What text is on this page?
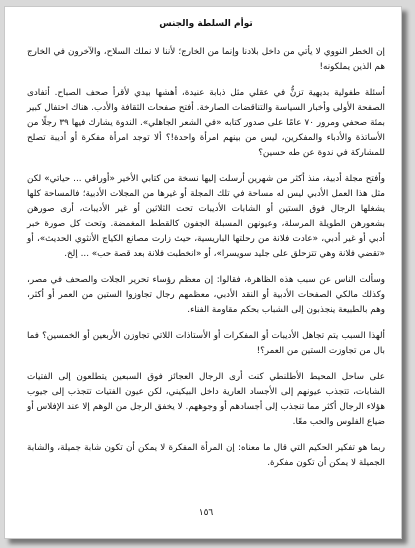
توأم السلطة والجنس

إن الخطر النووي لا يأتي من داخل بلادنا وإنما من الخارج؛ لأننا لا نملك السلاح، والآخرون في الخارج هم الذين يملكونه!

أسئلة طفولية بديهية تزنُّ في عقلي مثل ذبابة عنيدة، أهشها بيدي لأقرأ صحف الصباح. أتفادى الصفحة الأولى وأخبار السياسة والتناقضات الصارخة. أفتح صفحات الثقافة والأدب. هناك احتفال كبير بمئة صحفي ومرور ٧٠ عامًا على صدور كتابه «في الشعر الجاهلي». الندوة يشارك فيها ٣٩ رجلًا من الأساتذة والأدباء والمفكرين، ليس من بينهم امرأة واحدة!؟ ألا توجد امرأة مفكرة أو أديبة تصلح للمشاركة في ندوة عن طه حسين؟

وأفتح مجلة أدبية، منذ أكثر من شهرين أرسلت إليها نسخة من كتابي الأخير «أوراقي ... حياتي» لكن مثل هذا العمل الأدبي ليس له مساحة في تلك المجلة أو غيرها من المجلات الأدبية؛ فالمساحة كلها يشغلها الرجال فوق الستين أو الشابات الأديبات تحت الثلاثين أو غير الأديبات، أرى صورهن بشعورهن الطويلة المرسلة، وعيونهن المسبلة الجفون كالقطط المغمضة. وتحت كل صورة خبر أدبي أو غير أدبي، «عادت فلانة من رحلتها الباريسية، حيث زارت مصانع الكياج الأنثوي الحديث»، أو «تقضي فلانة وهي تتزحلق على جليد سويسرا»، أو «انخطبت فلانة بعد قصة حب» ... إلخ.

وسألت الناس عن سبب هذه الظاهرة، فقالوا: إن معظم رؤساء تحرير الجلات والصحف في مصر، وكذلك مالكي الصفحات الأدبية أو النقد الأدبي، معظمهم رجال تجاوزوا الستين من العمر أو أكثر، وهم بالطبيعة ينجذبون إلى الشباب بحكم مقاومة الفناء.

ألهذا السبب يتم تجاهل الأديبات أو المفكرات أو الأستاذات اللاتي تجاوزن الأربعين أو الخمسين؟ فما بال من تجاوزت الستين من العمر؟!

على ساحل المحيط الأطلنطي كنت أرى الرجال العجائز فوق السبعين يتطلعون إلى الفتيات الشابات، تتجذب عيونهم إلى الأجساد العارية داخل البيكيني، لكن عيون الفتيات تتجذب إلى جيوب هؤلاء الرجال أكثر مما تنجذب إلى أجسادهم أو وجوههم. لا يخفق الرجل من الوهم إلا عند الإفلاس أو ضياع الفلوس والحب معًا.

ربما هو تفكير الحكيم التي قال ما معناه: إن المرأة المفكرة لا يمكن أن تكون شابة جميلة، والشابة الجميلة لا يمكن أن تكون مفكرة.

١٥٦
